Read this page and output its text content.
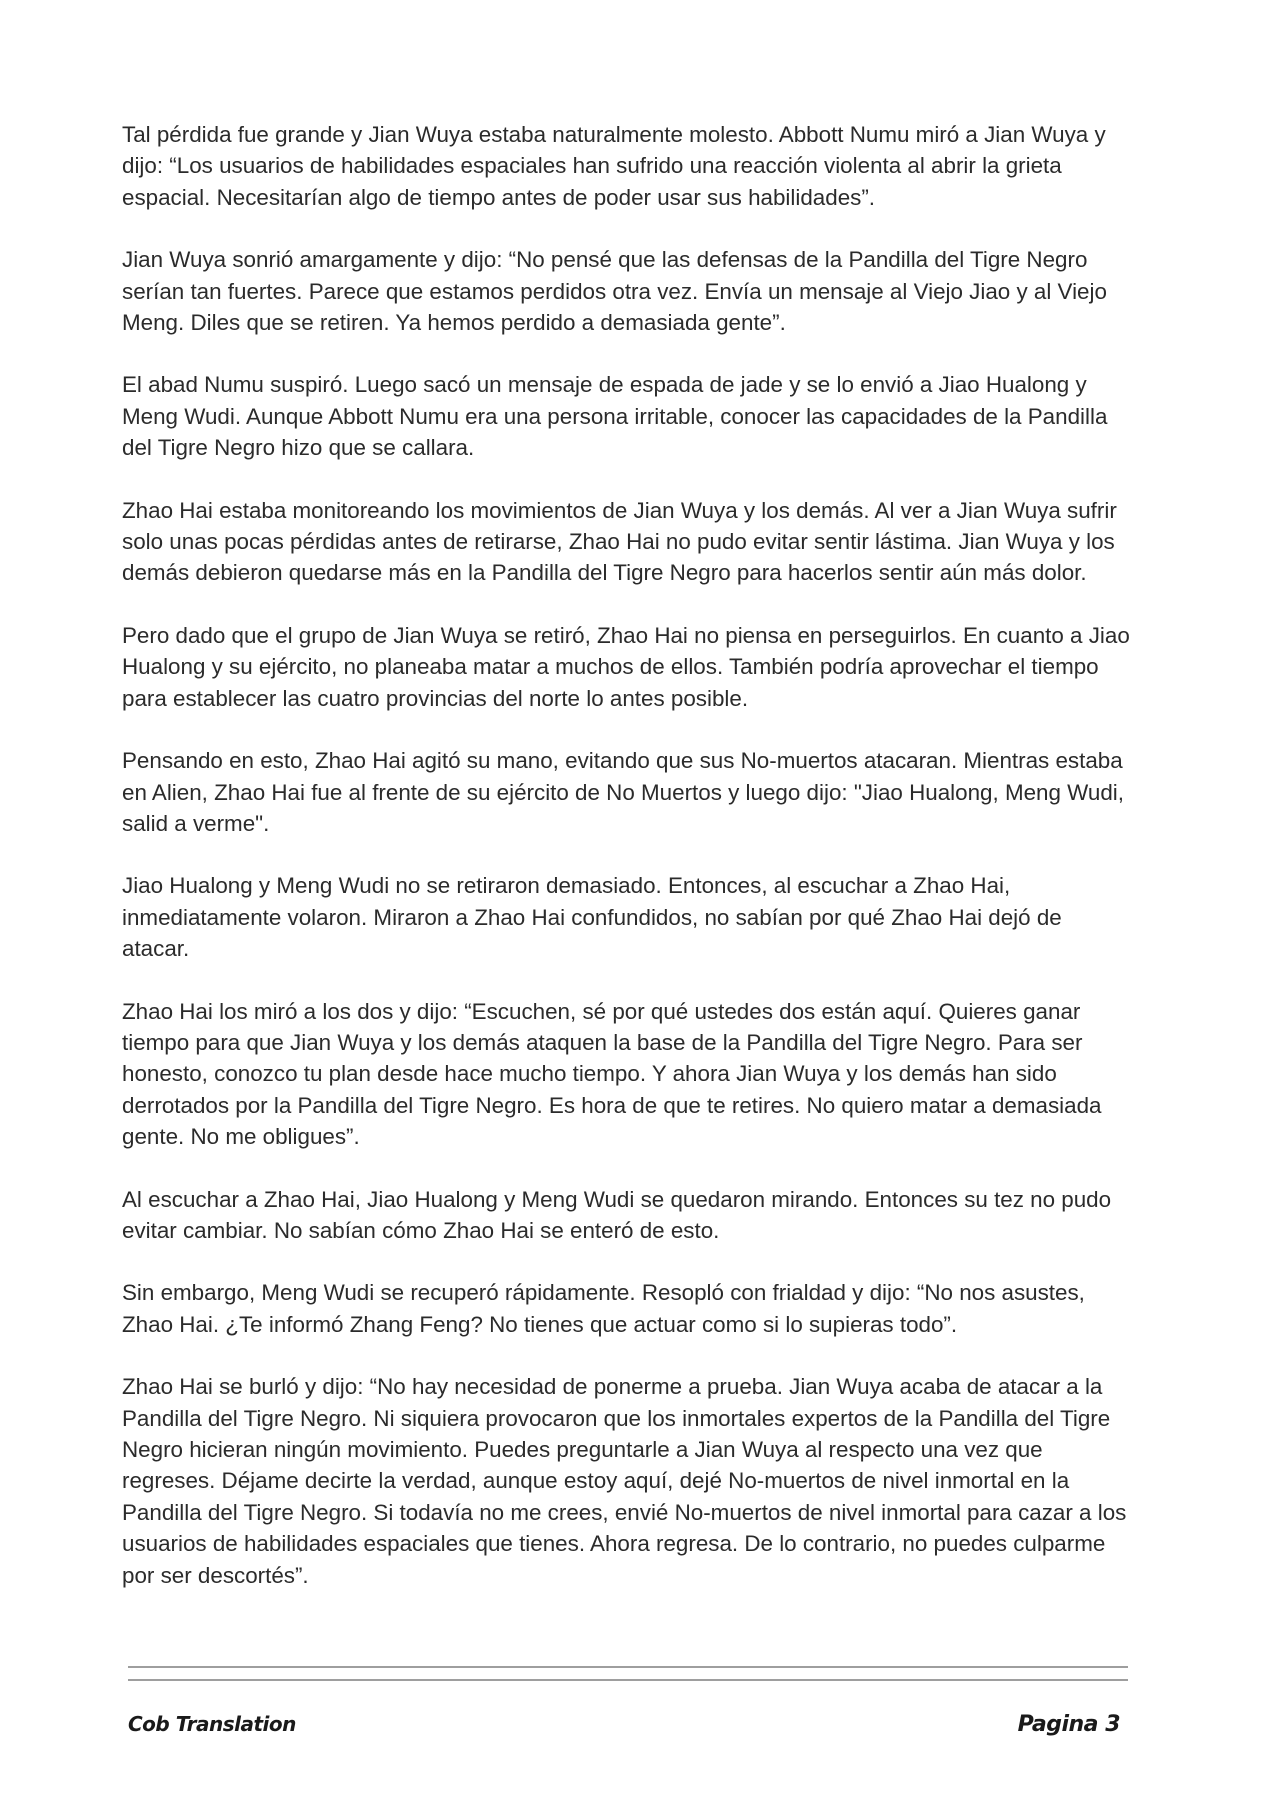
Tal pérdida fue grande y Jian Wuya estaba naturalmente molesto. Abbott Numu miró a Jian Wuya y dijo: “Los usuarios de habilidades espaciales han sufrido una reacción violenta al abrir la grieta espacial. Necesitarían algo de tiempo antes de poder usar sus habilidades”.

Jian Wuya sonrió amargamente y dijo: “No pensé que las defensas de la Pandilla del Tigre Negro serían tan fuertes. Parece que estamos perdidos otra vez. Envía un mensaje al Viejo Jiao y al Viejo Meng. Diles que se retiren. Ya hemos perdido a demasiada gente”.

El abad Numu suspiró. Luego sacó un mensaje de espada de jade y se lo envió a Jiao Hualong y Meng Wudi. Aunque Abbott Numu era una persona irritable, conocer las capacidades de la Pandilla del Tigre Negro hizo que se callara.

Zhao Hai estaba monitoreando los movimientos de Jian Wuya y los demás. Al ver a Jian Wuya sufrir solo unas pocas pérdidas antes de retirarse, Zhao Hai no pudo evitar sentir lástima. Jian Wuya y los demás debieron quedarse más en la Pandilla del Tigre Negro para hacerlos sentir aún más dolor.

Pero dado que el grupo de Jian Wuya se retiró, Zhao Hai no piensa en perseguirlos. En cuanto a Jiao Hualong y su ejército, no planeaba matar a muchos de ellos. También podría aprovechar el tiempo para establecer las cuatro provincias del norte lo antes posible.

Pensando en esto, Zhao Hai agitó su mano, evitando que sus No-muertos atacaran. Mientras estaba en Alien, Zhao Hai fue al frente de su ejército de No Muertos y luego dijo: "Jiao Hualong, Meng Wudi, salid a verme".

Jiao Hualong y Meng Wudi no se retiraron demasiado. Entonces, al escuchar a Zhao Hai, inmediatamente volaron. Miraron a Zhao Hai confundidos, no sabían por qué Zhao Hai dejó de atacar.

Zhao Hai los miró a los dos y dijo: “Escuchen, sé por qué ustedes dos están aquí. Quieres ganar tiempo para que Jian Wuya y los demás ataquen la base de la Pandilla del Tigre Negro. Para ser honesto, conozco tu plan desde hace mucho tiempo. Y ahora Jian Wuya y los demás han sido derrotados por la Pandilla del Tigre Negro. Es hora de que te retires. No quiero matar a demasiada gente. No me obligues”.

Al escuchar a Zhao Hai, Jiao Hualong y Meng Wudi se quedaron mirando. Entonces su tez no pudo evitar cambiar. No sabían cómo Zhao Hai se enteró de esto.

Sin embargo, Meng Wudi se recuperó rápidamente. Resopló con frialdad y dijo: “No nos asustes, Zhao Hai. ¿Te informó Zhang Feng? No tienes que actuar como si lo supieras todo”.

Zhao Hai se burló y dijo: “No hay necesidad de ponerme a prueba. Jian Wuya acaba de atacar a la Pandilla del Tigre Negro. Ni siquiera provocaron que los inmortales expertos de la Pandilla del Tigre Negro hicieran ningún movimiento. Puedes preguntarle a Jian Wuya al respecto una vez que regreses. Déjame decirte la verdad, aunque estoy aquí, dejé No-muertos de nivel inmortal en la Pandilla del Tigre Negro. Si todavía no me crees, envié No-muertos de nivel inmortal para cazar a los usuarios de habilidades espaciales que tienes. Ahora regresa. De lo contrario, no puedes culparme por ser descortés”.

Cob Translation	Pagina 3
